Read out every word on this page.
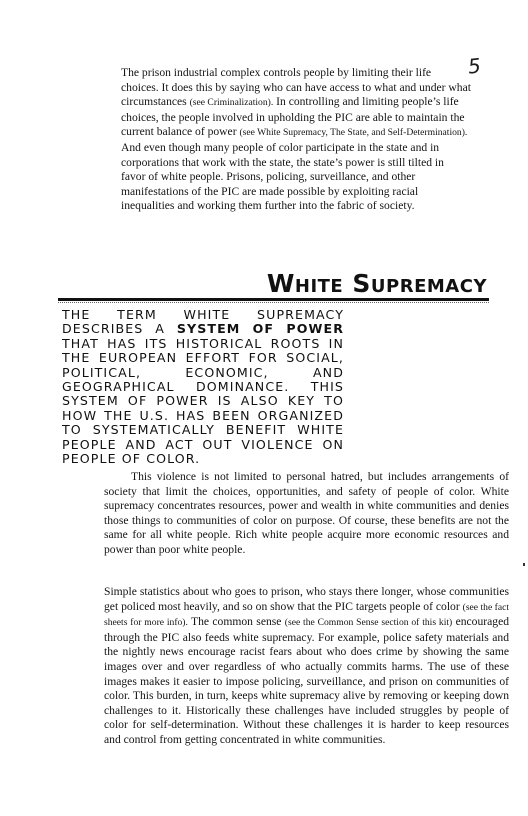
5

The prison industrial complex controls people by limiting their life choices. It does this by saying who can have access to what and under what circumstances (see Criminalization). In controlling and limiting people’s life choices, the people involved in upholding the PIC are able to maintain the current balance of power (see White Supremacy, The State, and Self-Determination). And even though many people of color participate in the state and in corporations that work with the state, the state’s power is still tilted in favor of white people. Prisons, policing, surveillance, and other manifestations of the PIC are made possible by exploiting racial inequalities and working them further into the fabric of society.

White Supremacy

THE TERM WHITE SUPREMACY DESCRIBES A SYSTEM OF POWER THAT HAS ITS HISTORICAL ROOTS IN THE EUROPEAN EFFORT FOR SOCIAL, POLITICAL, ECONOMIC, AND GEOGRAPHICAL DOMINANCE. THIS SYSTEM OF POWER IS ALSO KEY TO HOW THE U.S. HAS BEEN ORGANIZED TO SYSTEMATICALLY BENEFIT WHITE PEOPLE AND ACT OUT VIOLENCE ON PEOPLE OF COLOR.

This violence is not limited to personal hatred, but includes arrangements of society that limit the choices, opportunities, and safety of people of color. White supremacy concentrates resources, power and wealth in white communities and denies those things to communities of color on purpose. Of course, these benefits are not the same for all white people. Rich white people acquire more economic resources and power than poor white people.

Simple statistics about who goes to prison, who stays there longer, whose communities get policed most heavily, and so on show that the PIC targets people of color (see the fact sheets for more info). The common sense (see the Common Sense section of this kit) encouraged through the PIC also feeds white supremacy. For example, police safety materials and the nightly news encourage racist fears about who does crime by showing the same images over and over regardless of who actually commits harms. The use of these images makes it easier to impose policing, surveillance, and prison on communities of color. This burden, in turn, keeps white supremacy alive by removing or keeping down challenges to it. Historically these challenges have included struggles by people of color for self-determination. Without these challenges it is harder to keep resources and control from getting concentrated in white communities.
